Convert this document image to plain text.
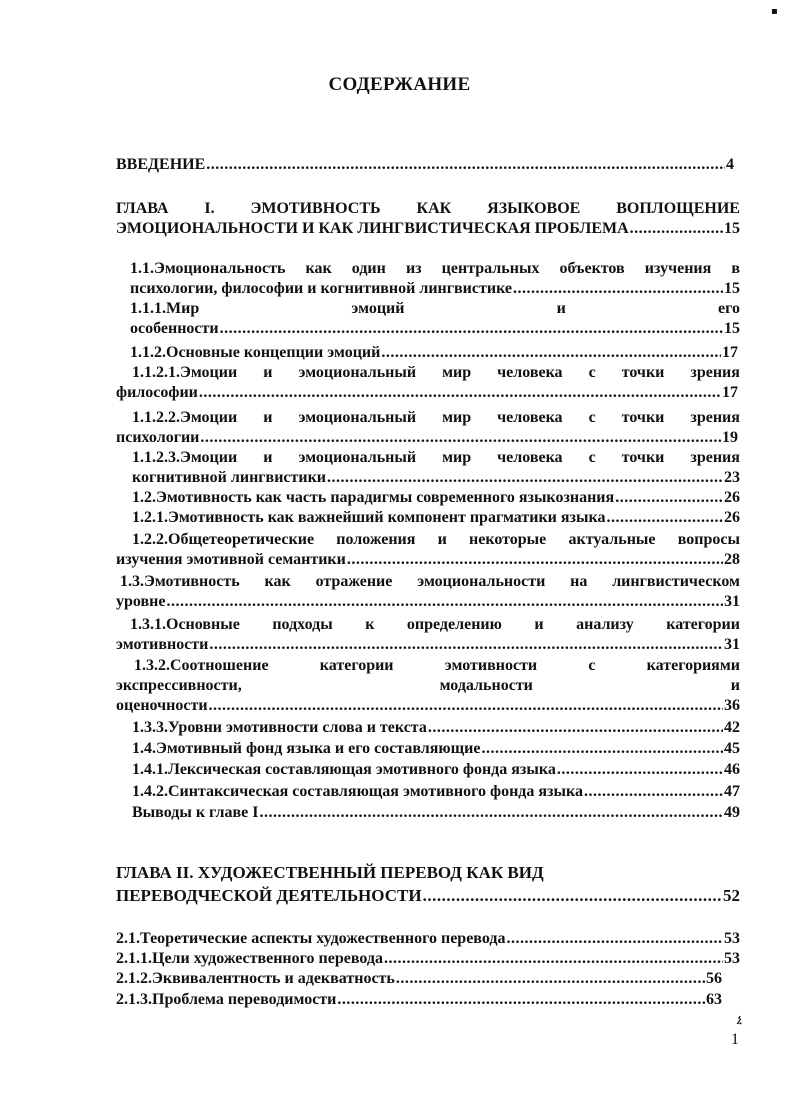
СОДЕРЖАНИЕ
ВВЕДЕНИЕ .....	4
ГЛАВА I. ЭМОТИВНОСТЬ КАК ЯЗЫКОВОЕ ВОПЛОЩЕНИЕ
ЭМОЦИОНАЛЬНОСТИ И КАК ЛИНГВИСТИЧЕСКАЯ ПРОБЛЕМА .....	15
1.1.Эмоциональность как один из центральных объектов изучения в
психологии, философии и когнитивной лингвистике .....	15
1.1.1.Мир	эмоций	и	его
особенности .....	15
1.1.2.Основные концепции эмоций .....	17
1.1.2.1.Эмоции и эмоциональный мир человека с точки зрения
философии .....	17
1.1.2.2.Эмоции и эмоциональный мир человека с точки зрения
психологии .....	19
1.1.2.3.Эмоции и эмоциональный мир человека с точки зрения
когнитивной лингвистики .....	23
1.2.Эмотивность как часть парадигмы современного языкознания .....	26
1.2.1.Эмотивность как важнейший компонент прагматики языка .....	26
1.2.2.Общетеоретические положения и некоторые актуальные вопросы
изучения эмотивной семантики .....	28
1.3.Эмотивность как отражение эмоциональности на лингвистическом
уровне .....	31
1.3.1.Основные подходы к определению и анализу категории
эмотивности .....	31
1.3.2.Соотношение	категории	эмотивности	с	категориями
экспрессивности,	модальности	и
оценочности .....	36
1.3.3.Уровни эмотивности слова и текста .....	42
1.4.Эмотивный фонд языка и его составляющие .....	45
1.4.1.Лексическая составляющая эмотивного фонда языка .....	46
1.4.2.Синтаксическая составляющая эмотивного фонда языка .....	47
Выводы к главе I .....	49
ГЛАВА II. ХУДОЖЕСТВЕННЫЙ ПЕРЕВОД КАК ВИД
ПЕРЕВОДЧЕСКОЙ ДЕЯТЕЛЬНОСТИ .....	52
2.1.Теоретические аспекты художественного перевода .....	53
2.1.1.Цели художественного перевода .....	53
2.1.2.Эквивалентность и адекватность .....	56
2.1.3.Проблема переводимости .....	63
▪
ኒ
1
